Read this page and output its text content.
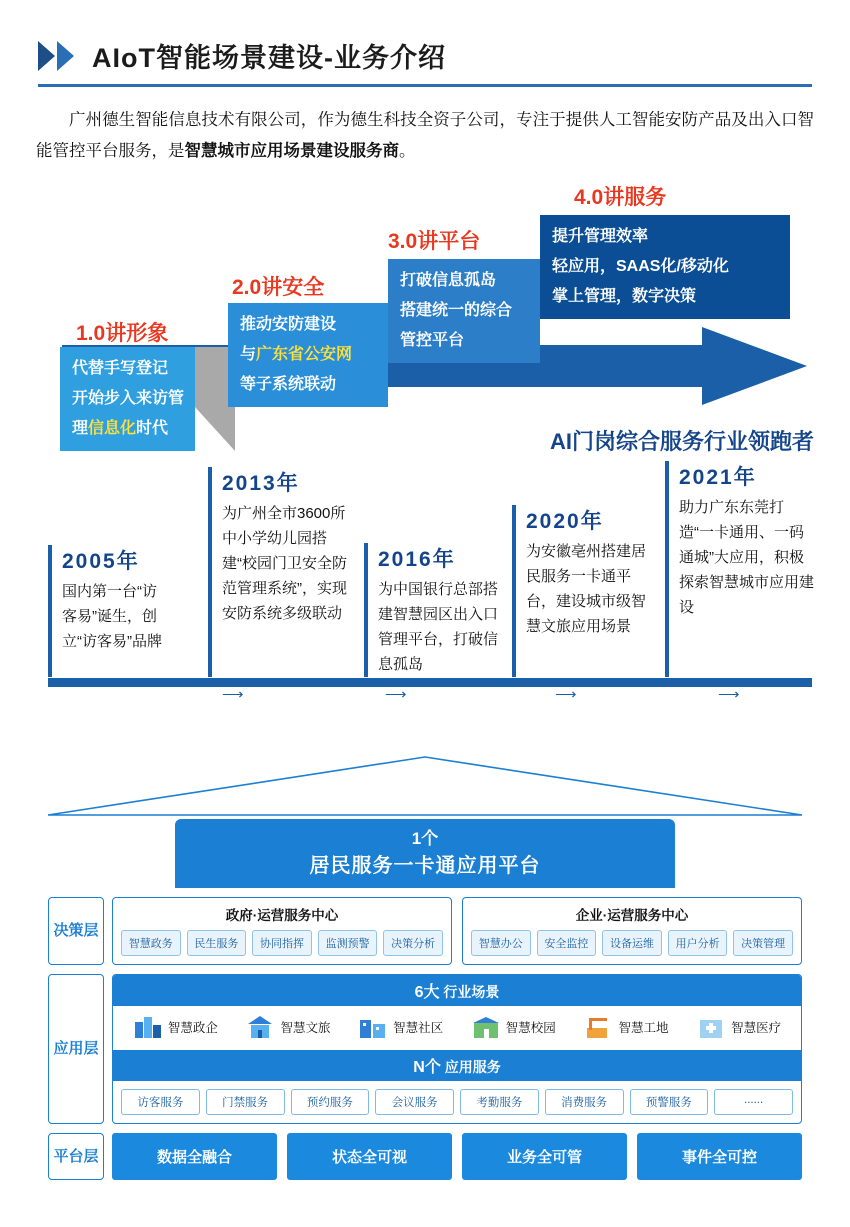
AIoT智能场景建设-业务介绍

广州德生智能信息技术有限公司，作为德生科技全资子公司，专注于提供人工智能安防产品及出入口智能管控平台服务，是智慧城市应用场景建设服务商。

1.0讲形象
2.0讲安全
3.0讲平台
4.0讲服务
代替手写登记
开始步入来访管
理信息化时代
推动安防建设
与广东省公安网
等子系统联动
打破信息孤岛
搭建统一的综合
管控平台
提升管理效率
轻应用，SAAS化/移动化
掌上管理，数字决策
AI门岗综合服务行业领跑者
2005年
国内第一台“访客易”诞生，创立“访客易”品牌
2013年
为广州全市3600所中小学幼儿园搭建“校园门卫安全防范管理系统”，实现安防系统多级联动
2016年
为中国银行总部搭建智慧园区出入口管理平台，打破信息孤岛
2020年
为安徽亳州搭建居民服务一卡通平台，建设城市级智慧文旅应用场景
2021年
助力广东东莞打造“一卡通用、一码通城”大应用，积极探索智慧城市应用建设
⟶	⟶	⟶	⟶
1个
居民服务一卡通应用平台
决策层
政府·运营服务中心
智慧政务	民生服务	协同指挥	监测预警	决策分析
企业·运营服务中心
智慧办公	安全监控	设备运维	用户分析	决策管理
应用层
6大 行业场景
智慧政企	智慧文旅	智慧社区	智慧校园	智慧工地	智慧医疗
N个 应用服务
访客服务	门禁服务	预约服务	会议服务	考勤服务	消费服务	预警服务	......
平台层	数据全融合	状态全可视	业务全可管	事件全可控
